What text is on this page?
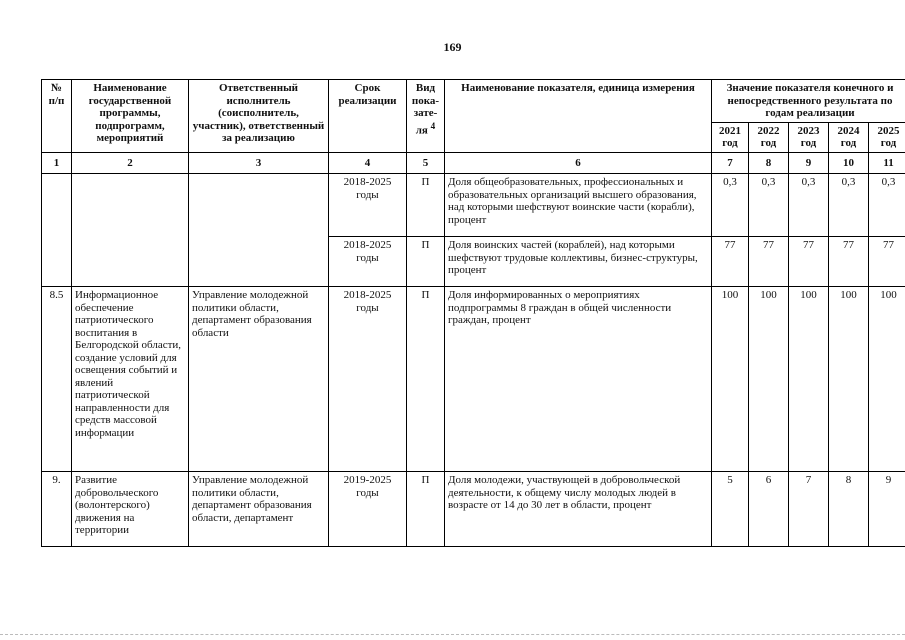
169
№ п/п	Наименование государственной программы, подпрограмм, мероприятий	Ответственный исполнитель (соисполнитель, участник), ответственный за реализацию	Срок реализации	Вид пока-зате-ля $^4$	Наименование показателя, единица измерения	Значение показателя конечного и непосредственного результата по годам реализации				
						2021 год	2022 год	2023 год	2024 год	2025 год
1	2	3	4	5	6	7	8	9	10	11
			2018-2025 годы	П	Доля общеобразовательных, профессиональных и образовательных организаций высшего образования, над которыми шефствуют воинские части (корабли), процент	0,3	0,3	0,3	0,3	0,3
			2018-2025 годы	П	Доля воинских частей (кораблей), над которыми шефствуют трудовые коллективы, бизнес-структуры, процент	77	77	77	77	77
8.5	Информационное обеспечение патриотического воспитания в Белгородской области, создание условий для освещения событий и явлений патриотической направленности для средств массовой информации	Управление молодежной политики области, департамент образования области	2018-2025 годы	П	Доля информированных о мероприятиях подпрограммы 8 граждан в общей численности граждан, процент	100	100	100	100	100
9.	Развитие добровольческого (волонтерского) движения на территории	Управление молодежной политики области, департамент образования области, департамент	2019-2025 годы	П	Доля молодежи, участвующей в добровольческой деятельности, к общему числу молодых людей в возрасте от 14 до 30 лет в области, процент	5	6	7	8	9
